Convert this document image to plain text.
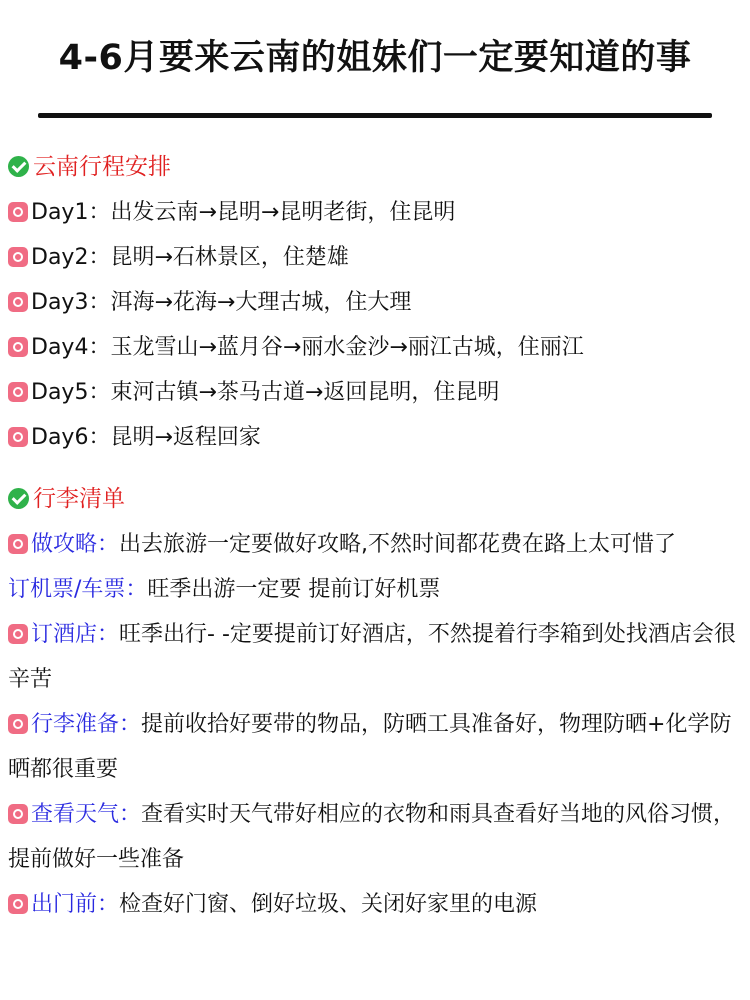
4-6月要来云南的姐妹们一定要知道的事
云南行程安排
Day1：出发云南→昆明→昆明老街，住昆明
Day2：昆明→石林景区，住楚雄
Day3：洱海→花海→大理古城，住大理
Day4：玉龙雪山→蓝月谷→丽水金沙→丽江古城，住丽江
Day5：束河古镇→茶马古道→返回昆明，住昆明
Day6：昆明→返程回家
行李清单
做攻略：出去旅游一定要做好攻略,不然时间都花费在路上太可惜了
订机票/车票：旺季出游一定要 提前订好机票
订酒店：旺季出行- -定要提前订好酒店，不然提着行李箱到处找酒店会很辛苦
行李准备：提前收拾好要带的物品，防晒工具准备好，物理防晒+化学防晒都很重要
查看天气：查看实时天气带好相应的衣物和雨具查看好当地的风俗习惯，提前做好一些准备
出门前：检查好门窗、倒好垃圾、关闭好家里的电源
